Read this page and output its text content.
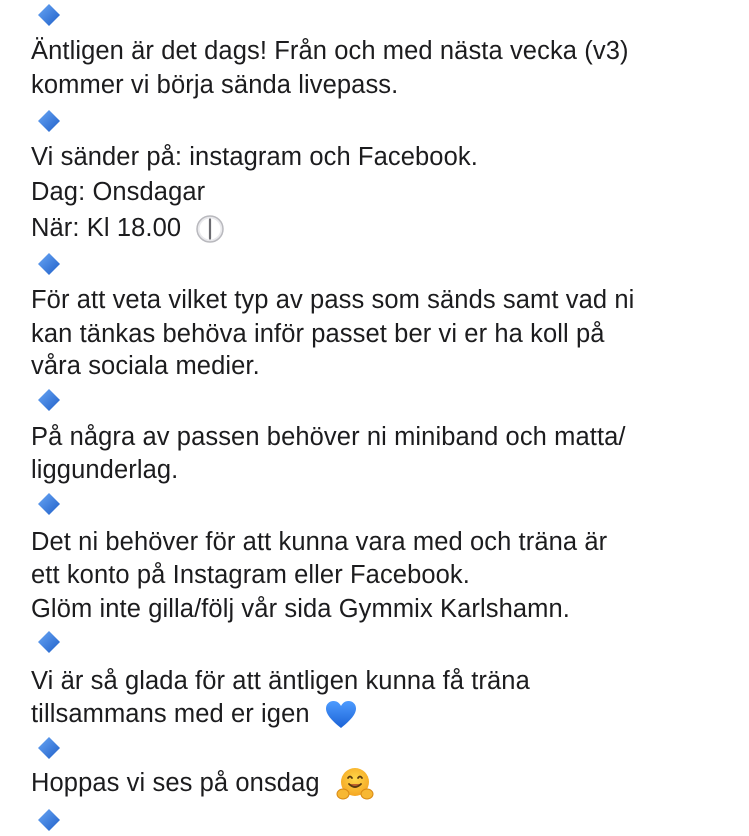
Äntligen är det dags! Från och med nästa vecka (v3)
kommer vi börja sända livepass.
Vi sänder på: instagram och Facebook.
Dag: Onsdagar
När: Kl 18.00
För att veta vilket typ av pass som sänds samt vad ni
kan tänkas behöva inför passet ber vi er ha koll på
våra sociala medier.
På några av passen behöver ni miniband och matta/
liggunderlag.
Det ni behöver för att kunna vara med och träna är
ett konto på Instagram eller Facebook.
Glöm inte gilla/följ vår sida Gymmix Karlshamn.
Vi är så glada för att äntligen kunna få träna
tillsammans med er igen
Hoppas vi ses på onsdag
